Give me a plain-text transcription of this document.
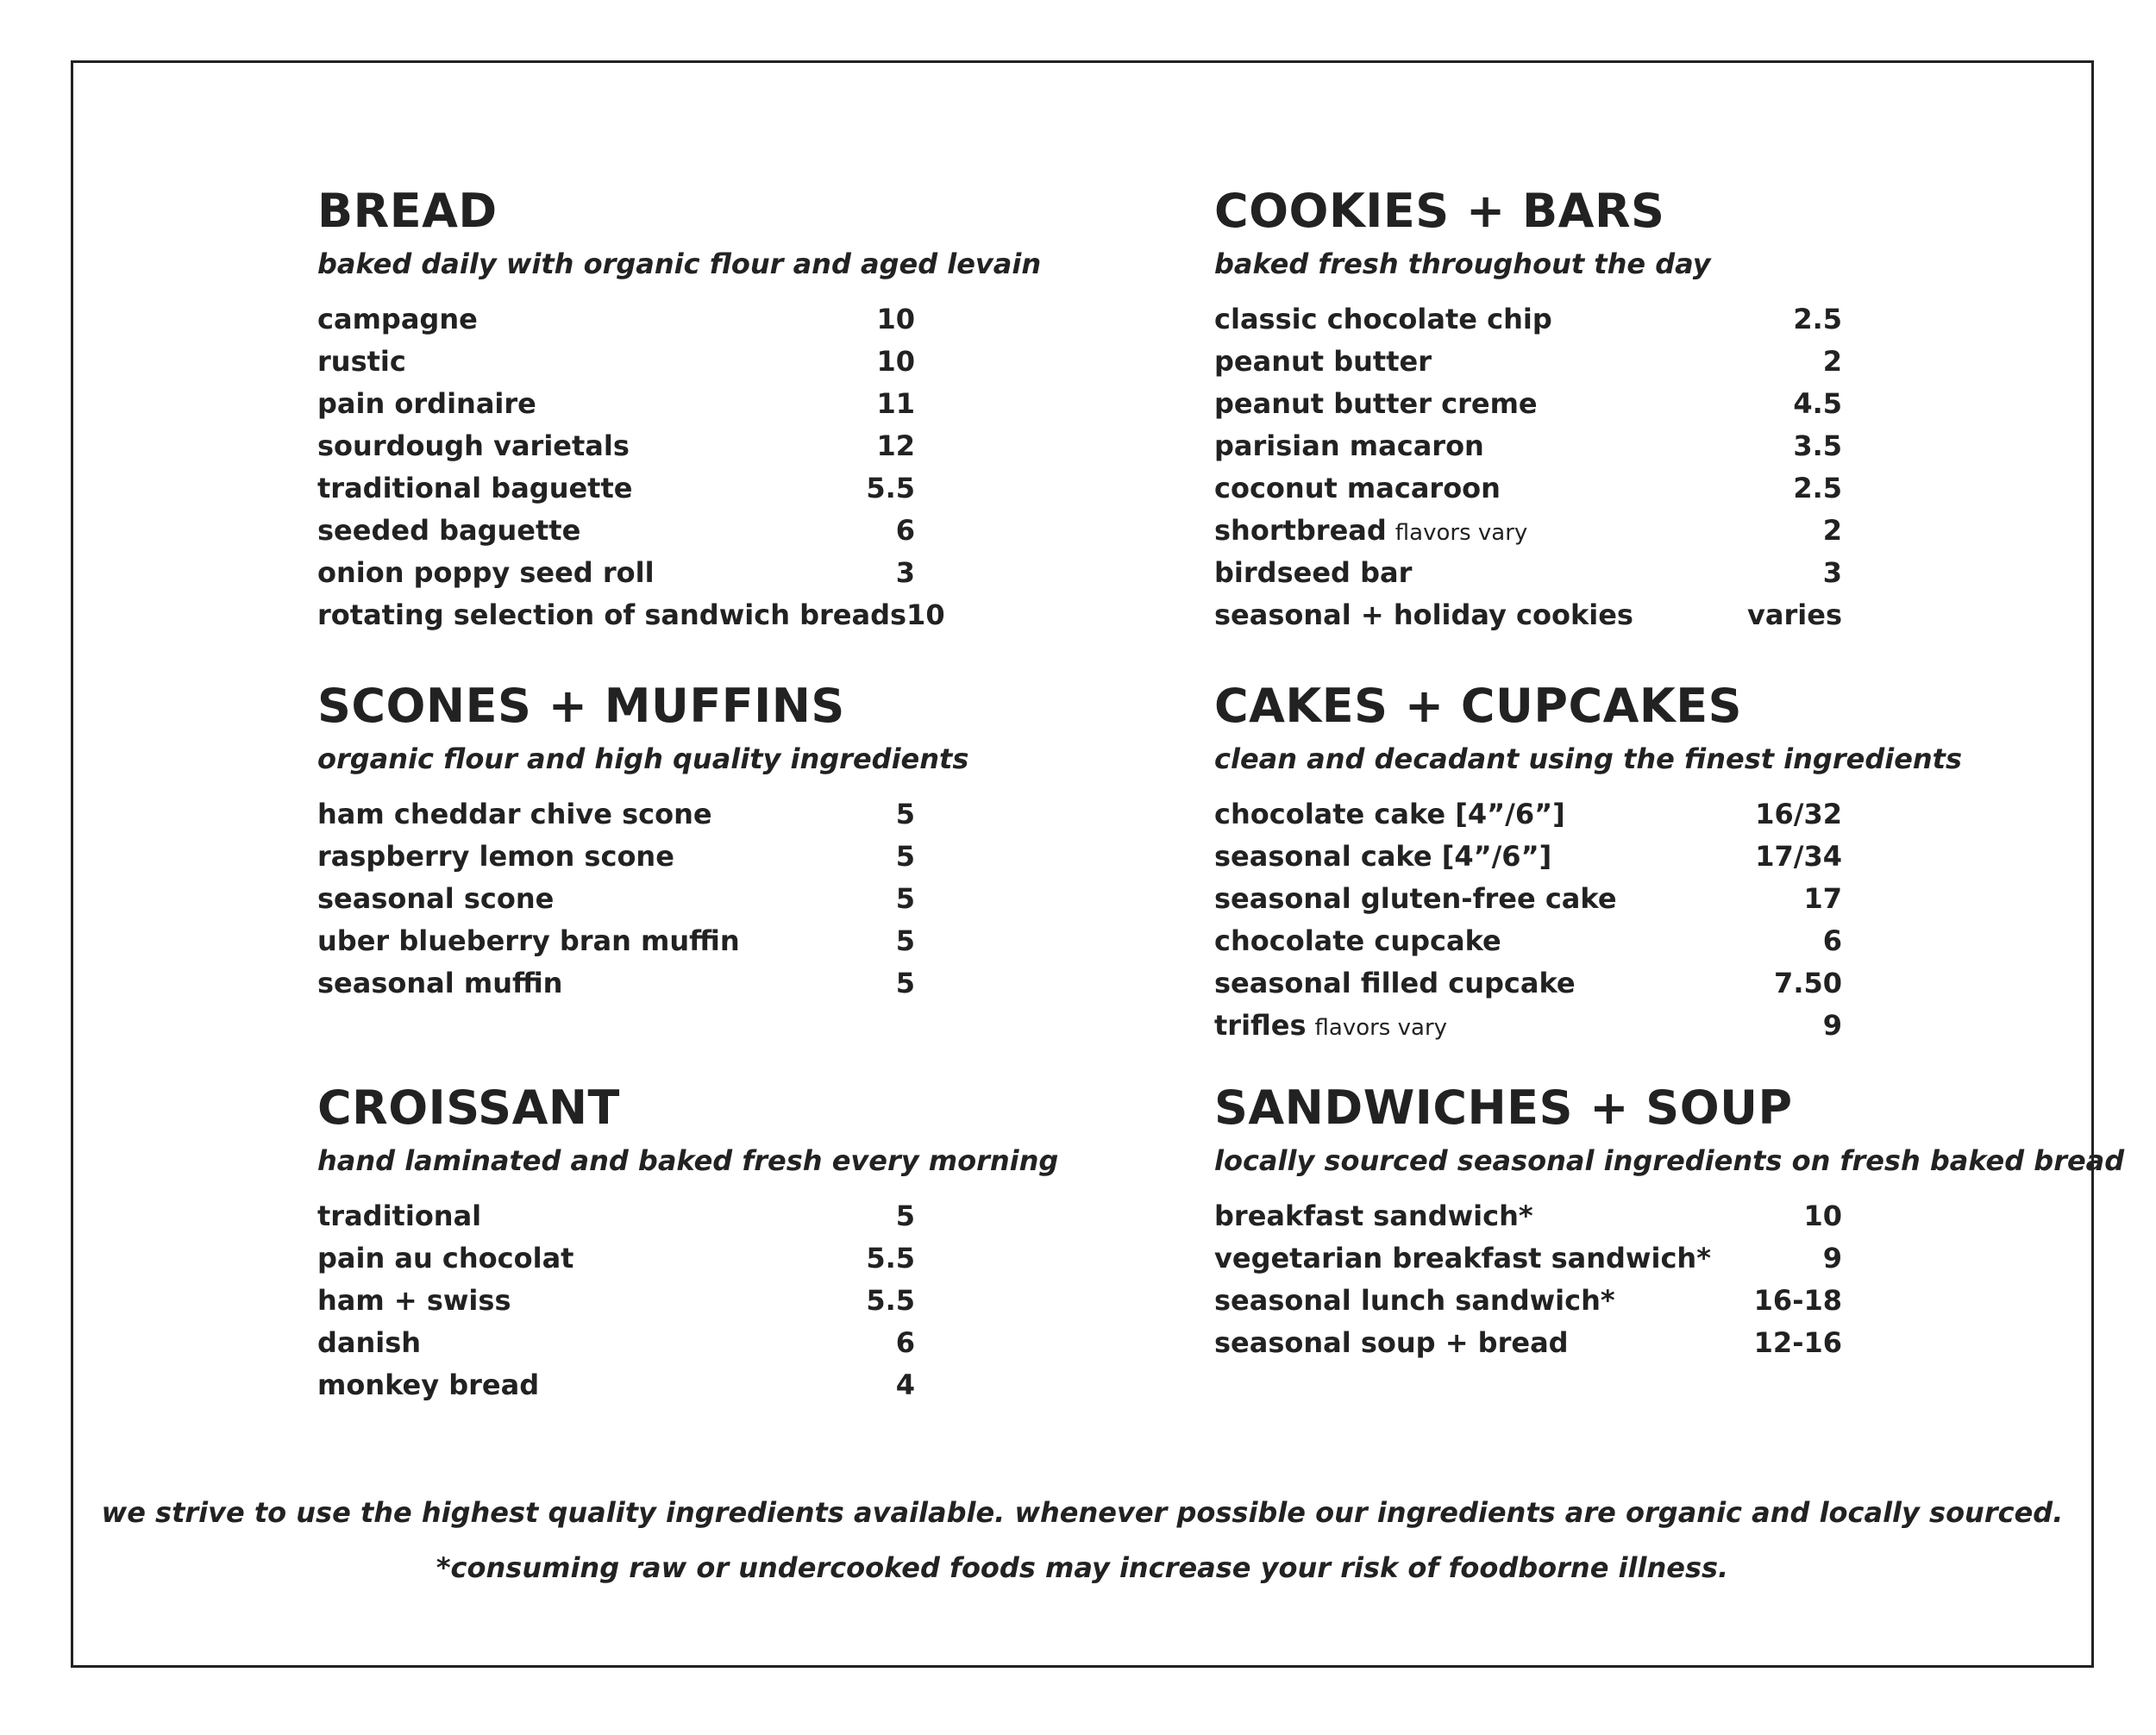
BREAD
baked daily with organic flour and aged levain
campagne	10
rustic	10
pain ordinaire	11
sourdough varietals	12
traditional baguette	5.5
seeded baguette	6
onion poppy seed roll	3
rotating selection of sandwich breads 10
COOKIES + BARS
baked fresh throughout the day
classic chocolate chip	2.5
peanut butter	2
peanut butter creme	4.5
parisian macaron	3.5
coconut macaroon	2.5
shortbread flavors vary	2
birdseed bar	3
seasonal + holiday cookies	varies
SCONES + MUFFINS
organic flour and high quality ingredients
ham cheddar chive scone	5
raspberry lemon scone	5
seasonal scone	5
uber blueberry bran muffin	5
seasonal muffin	5
CAKES + CUPCAKES
clean and decadant using the finest ingredients
chocolate cake [4”/6”]	16/32
seasonal cake [4”/6”]	17/34
seasonal gluten-free cake	17
chocolate cupcake	6
seasonal filled cupcake	7.50
trifles flavors vary	9
CROISSANT
hand laminated and baked fresh every morning
traditional	5
pain au chocolat	5.5
ham + swiss	5.5
danish	6
monkey bread	4
SANDWICHES + SOUP
locally sourced seasonal ingredients on fresh baked bread
breakfast sandwich*	10
vegetarian breakfast sandwich*	9
seasonal lunch sandwich*	16-18
seasonal soup + bread	12-16
we strive to use the highest quality ingredients available. whenever possible our ingredients are organic and locally sourced.
*consuming raw or undercooked foods may increase your risk of foodborne illness.
